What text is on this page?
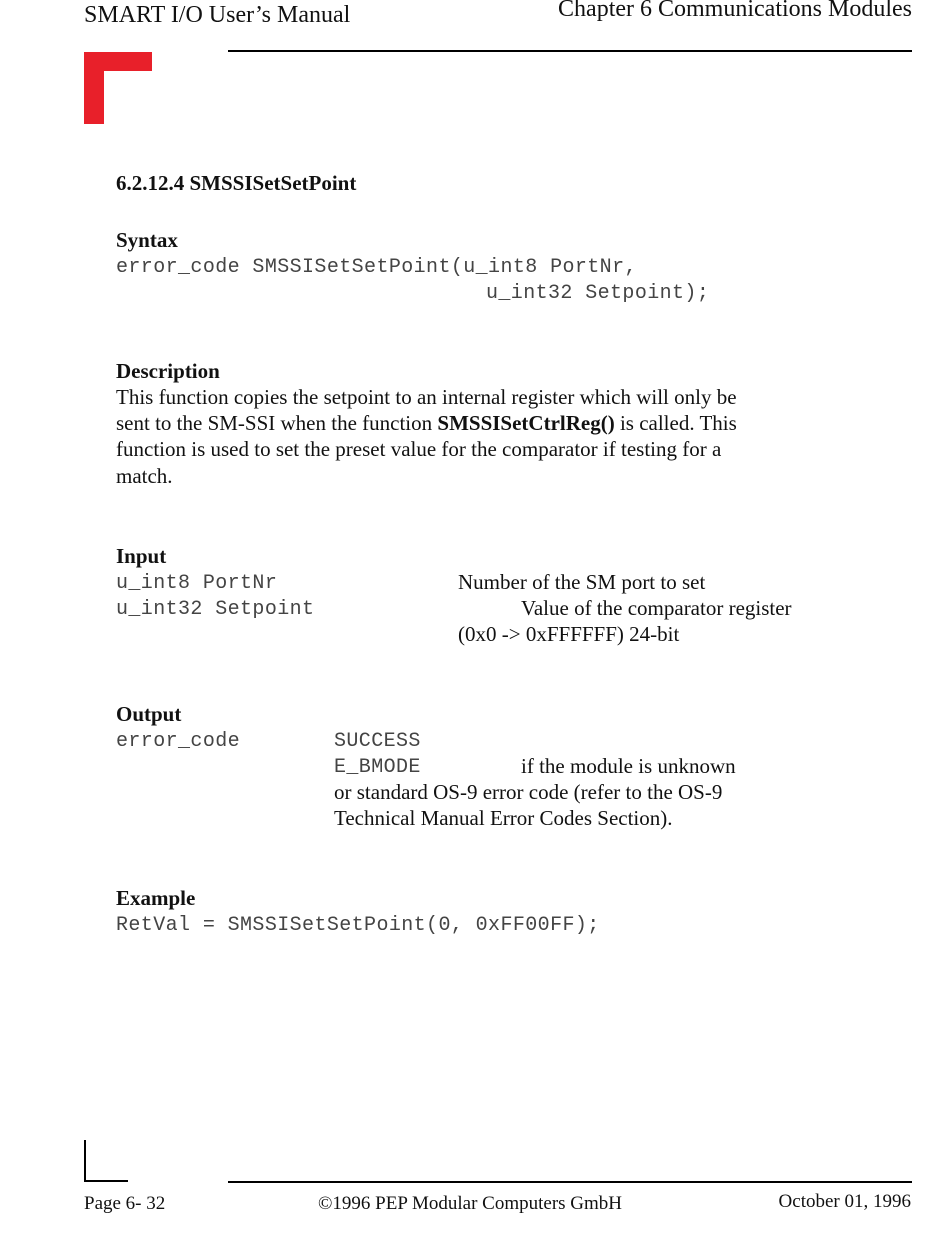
SMART I/O User’s Manual	Chapter 6 Communications Modules
6.2.12.4 SMSSISetSetPoint
Syntax
error_code SMSSISetSetPoint(u_int8 PortNr,
u_int32 Setpoint);
Description
This function copies the setpoint to an internal register which will only be
sent to the SM-SSI when the function SMSSISetCtrlReg() is called. This
function is used to set the preset value for the comparator if testing for a
match.
Input
u_int8 PortNr	Number of the SM port to set
u_int32 Setpoint	Value of the comparator register
(0x0 -> 0xFFFFFF) 24-bit
Output
error_code	SUCCESS
E_BMODE	if the module is unknown
or standard OS-9 error code (refer to the OS-9
Technical Manual Error Codes Section).
Example
RetVal = SMSSISetSetPoint(0, 0xFF00FF);
Page 6- 32	©1996 PEP Modular Computers GmbH	October 01, 1996
